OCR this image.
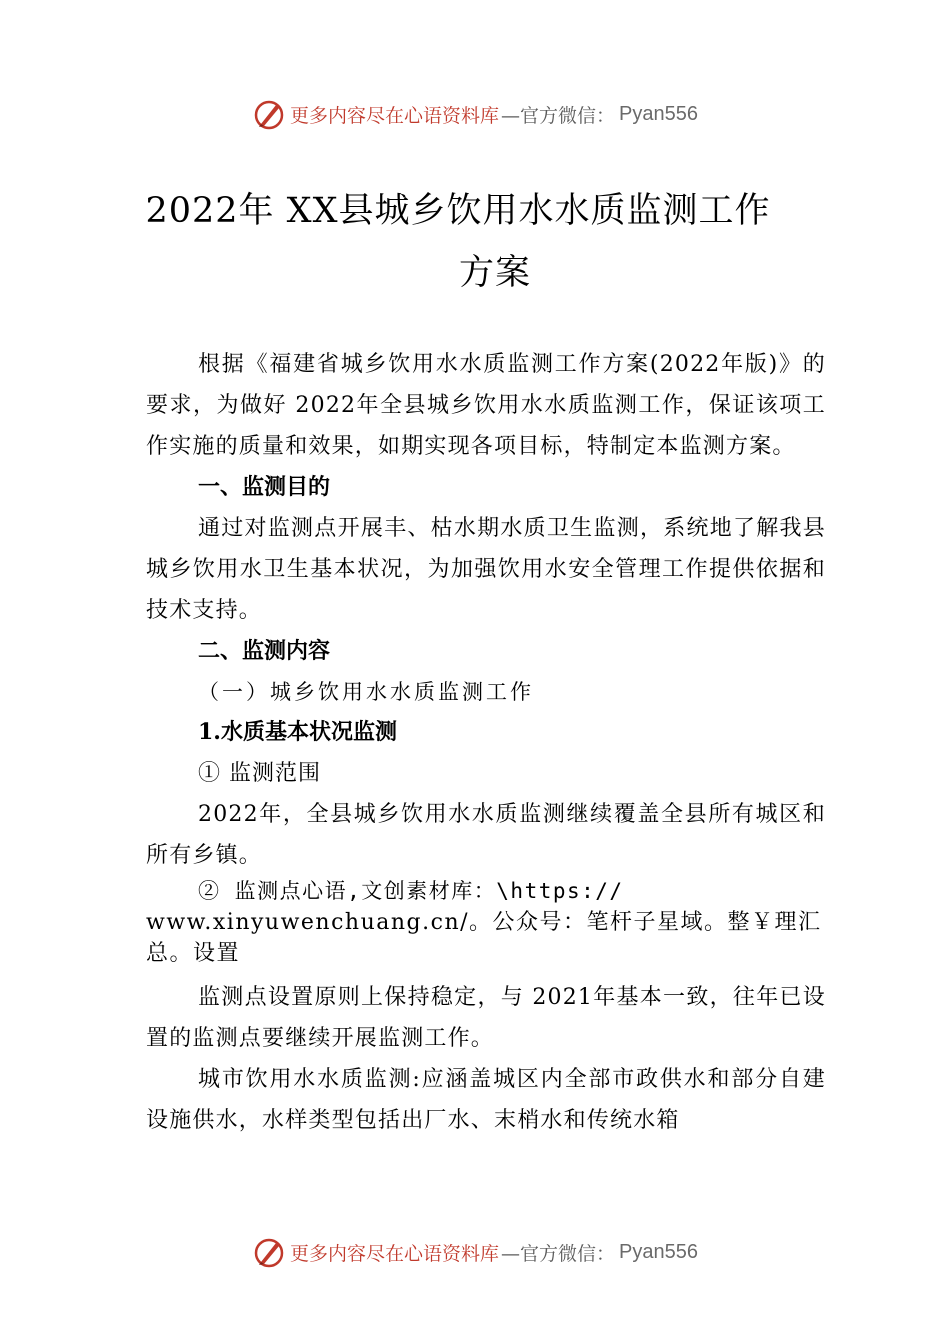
更多内容尽在心语资料库 —官方微信： Pyan556
2022年 XX县城乡饮用水水质监测工作
方案

根据《福建省城乡饮用水水质监测工作方案(2022年版)》的要求，为做好 2022年全县城乡饮用水水质监测工作，保证该项工作实施的质量和效果，如期实现各项目标，特制定本监测方案。

一、监测目的

通过对监测点开展丰、枯水期水质卫生监测，系统地了解我县城乡饮用水卫生基本状况，为加强饮用水安全管理工作提供依据和技术支持。

二、监测内容

（一）城乡饮用水水质监测工作

1.水质基本状况监测

① 监测范围

2022年，全县城乡饮用水水质监测继续覆盖全县所有城区和所有乡镇。

② 监测点心语,文创素材库：\https://

www.xinyuwenchuang.cn/。公众号：笔杆子星域。整￥理汇总。设置

监测点设置原则上保持稳定，与 2021年基本一致，往年已设置的监测点要继续开展监测工作。

城市饮用水水质监测:应涵盖城区内全部市政供水和部分自建设施供水，水样类型包括出厂水、末梢水和传统水箱

更多内容尽在心语资料库 —官方微信： Pyan556
